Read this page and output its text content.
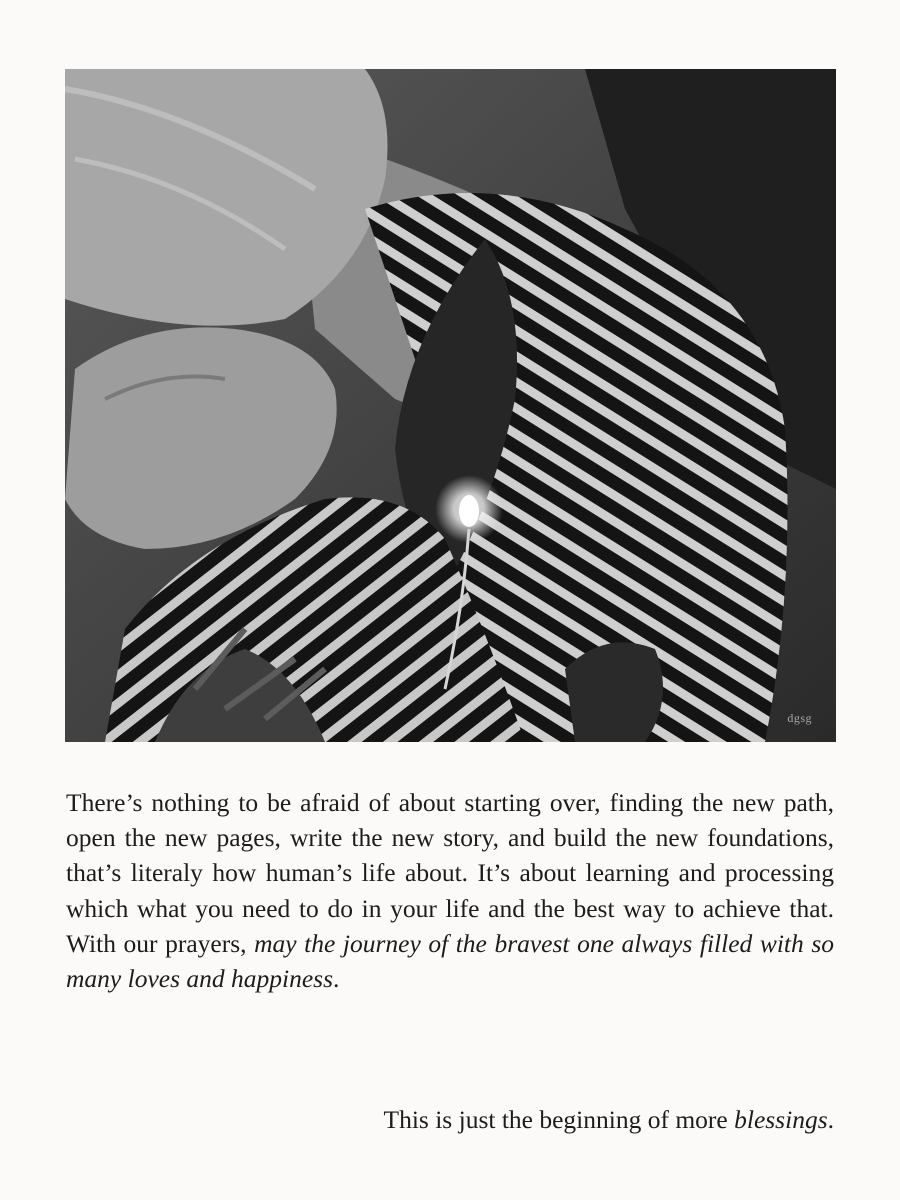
dgsg

There’s nothing to be afraid of about starting over, finding the new path, open the new pages, write the new story, and build the new foundations, that’s literaly how human’s life about. It’s about learning and processing which what you need to do in your life and the best way to achieve that. With our prayers, may the journey of the bravest one always filled with so many loves and happiness.

This is just the beginning of more blessings.
